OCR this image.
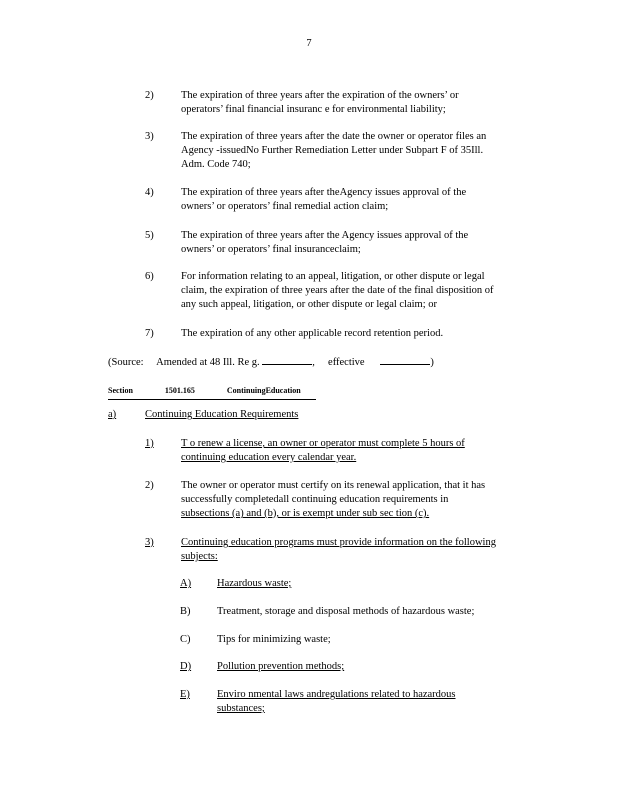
7
2)	The expiration of three years after the expiration of the owners’ or
operators’ final financial insuranc e for environmental liability;
3)	The expiration of three years after the date the owner or operator files an
Agency -issuedNo Further Remediation Letter under Subpart F of 35Ill.
Adm. Code 740;
4)	The expiration of three years after theAgency issues approval of the
owners’ or operators’ final remedial action claim;
5)	The expiration of three years after the Agency issues approval of the
owners’ or operators’ final insuranceclaim;
6)	For information relating to an appeal, litigation, or other dispute or legal
claim, the expiration of three years after the date of the final disposition of
any such appeal, litigation, or other dispute or legal claim; or
7)	The expiration of any other applicable record retention period.
(Source: Amended at 48 Ill. Re g.	, effective	)
Section	1501.165	ContinuingEducation
a)	Continuing Education Requirements
1)	T o renew a license, an owner or operator must complete 5 hours of
continuing education every calendar year.
2)	The owner or operator must certify on its renewal application, that it has
successfully completedall continuing education requirements in
subsections (a) and (b), or is exempt under sub sec tion (c).
3)	Continuing education programs must provide information on the following
subjects:
A) Hazardous waste;
B)	Treatment, storage and disposal methods of hazardous waste;
C)	Tips for minimizing waste;
D) Pollution prevention methods;
E)	Enviro nmental laws andregulations related to hazardous
substances;
